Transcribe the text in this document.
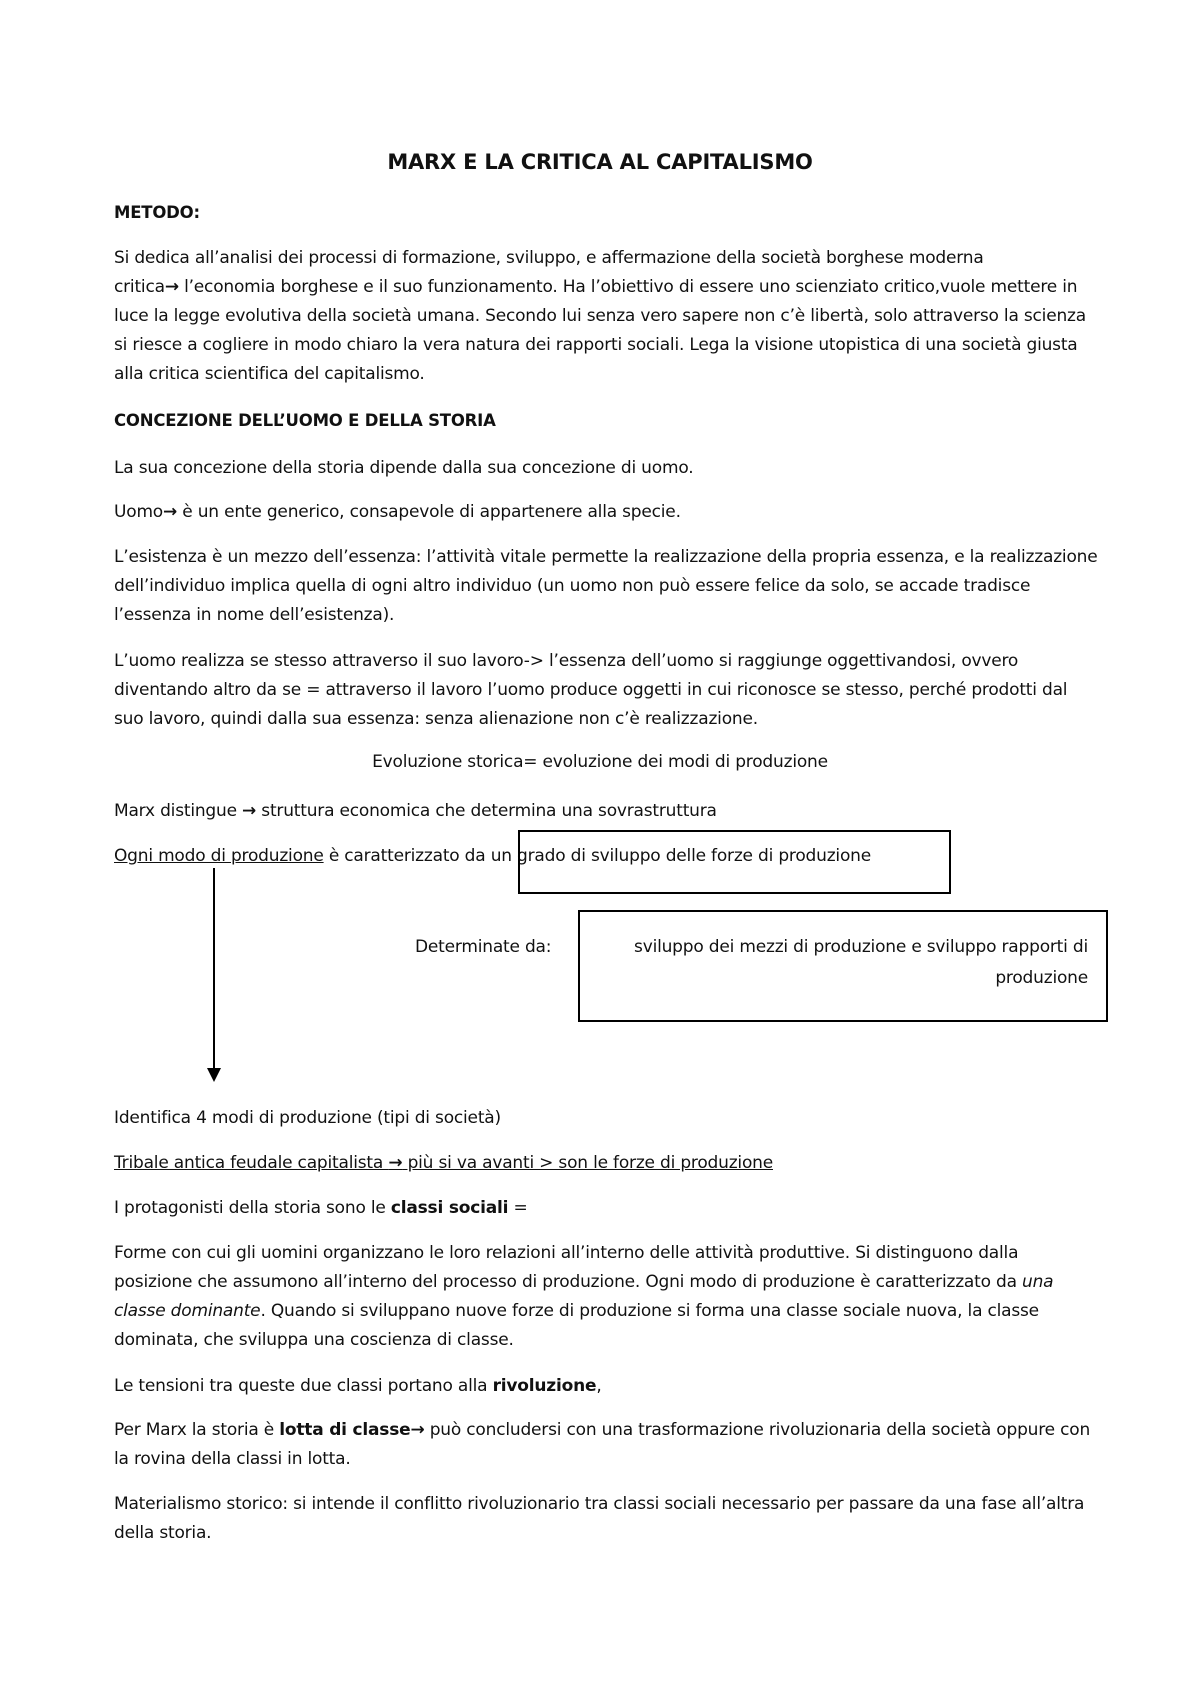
MARX E LA CRITICA AL CAPITALISMO

METODO:

Si dedica all’analisi dei processi di formazione, sviluppo, e affermazione della società borghese moderna
critica→ l’economia borghese e il suo funzionamento. Ha l’obiettivo di essere uno scienziato critico,vuole mettere in luce la legge evolutiva della società umana. Secondo lui senza vero sapere non c’è libertà, solo attraverso la scienza si riesce a cogliere in modo chiaro la vera natura dei rapporti sociali. Lega la visione utopistica di una società giusta alla critica scientifica del capitalismo.

CONCEZIONE DELL’UOMO E DELLA STORIA

La sua concezione della storia dipende dalla sua concezione di uomo.

Uomo→ è un ente generico, consapevole di appartenere alla specie.

L’esistenza è un mezzo dell’essenza: l’attività vitale permette la realizzazione della propria essenza, e la realizzazione dell’individuo implica quella di ogni altro individuo (un uomo non può essere felice da solo, se accade tradisce l’essenza in nome dell’esistenza).

L’uomo realizza se stesso attraverso il suo lavoro-> l’essenza dell’uomo si raggiunge oggettivandosi, ovvero diventando altro da se = attraverso il lavoro l’uomo produce oggetti in cui riconosce se stesso, perché prodotti dal suo lavoro, quindi dalla sua essenza: senza alienazione non c’è realizzazione.

Evoluzione storica= evoluzione dei modi di produzione

Marx distingue → struttura economica che determina una sovrastruttura

Ogni modo di produzione è caratterizzato da un grado di sviluppo delle forze di produzione

Determinate da:	sviluppo dei mezzi di produzione e sviluppo rapporti di produzione

Identifica 4 modi di produzione (tipi di società)

Tribale antica feudale capitalista → più si va avanti > son le forze di produzione

I protagonisti della storia sono le classi sociali =

Forme con cui gli uomini organizzano le loro relazioni all’interno delle attività produttive. Si distinguono dalla posizione che assumono all’interno del processo di produzione. Ogni modo di produzione è caratterizzato da una classe dominante. Quando si sviluppano nuove forze di produzione si forma una classe sociale nuova, la classe dominata, che sviluppa una coscienza di classe.

Le tensioni tra queste due classi portano alla rivoluzione,

Per Marx la storia è lotta di classe→ può concludersi con una trasformazione rivoluzionaria della società oppure con la rovina della classi in lotta.

Materialismo storico: si intende il conflitto rivoluzionario tra classi sociali necessario per passare da una fase all’altra della storia.
